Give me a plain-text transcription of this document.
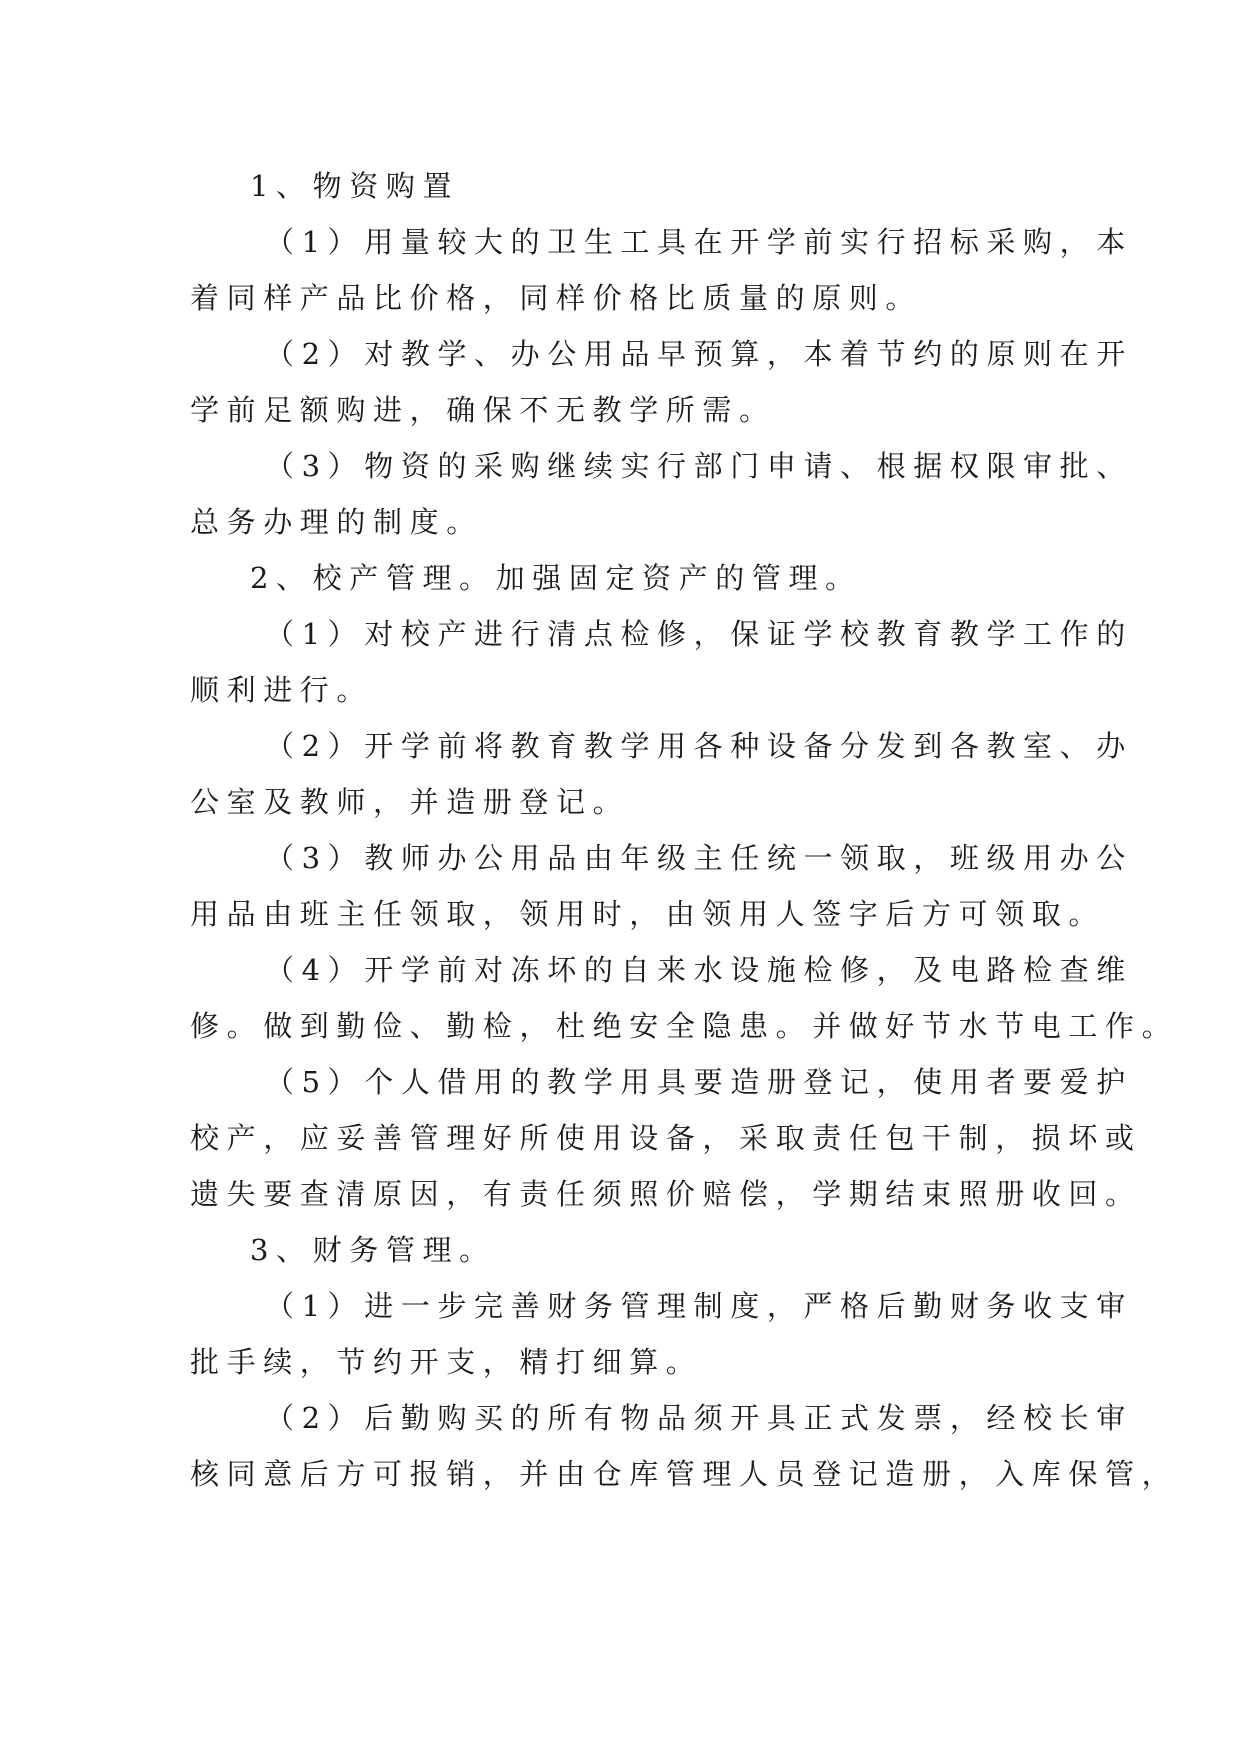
1、物资购置
（1）用量较大的卫生工具在开学前实行招标采购，本
着同样产品比价格，同样价格比质量的原则。
（2）对教学、办公用品早预算，本着节约的原则在开
学前足额购进，确保不无教学所需。
（3）物资的采购继续实行部门申请、根据权限审批、
总务办理的制度。
2、校产管理。加强固定资产的管理。
（1）对校产进行清点检修，保证学校教育教学工作的
顺利进行。
（2）开学前将教育教学用各种设备分发到各教室、办
公室及教师，并造册登记。
（3）教师办公用品由年级主任统一领取，班级用办公
用品由班主任领取，领用时，由领用人签字后方可领取。
（4）开学前对冻坏的自来水设施检修，及电路检查维
修。做到勤俭、勤检，杜绝安全隐患。并做好节水节电工作。
（5）个人借用的教学用具要造册登记，使用者要爱护
校产，应妥善管理好所使用设备，采取责任包干制，损坏或
遗失要查清原因，有责任须照价赔偿，学期结束照册收回。
3、财务管理。
（1）进一步完善财务管理制度，严格后勤财务收支审
批手续，节约开支，精打细算。
（2）后勤购买的所有物品须开具正式发票，经校长审
核同意后方可报销，并由仓库管理人员登记造册，入库保管，
